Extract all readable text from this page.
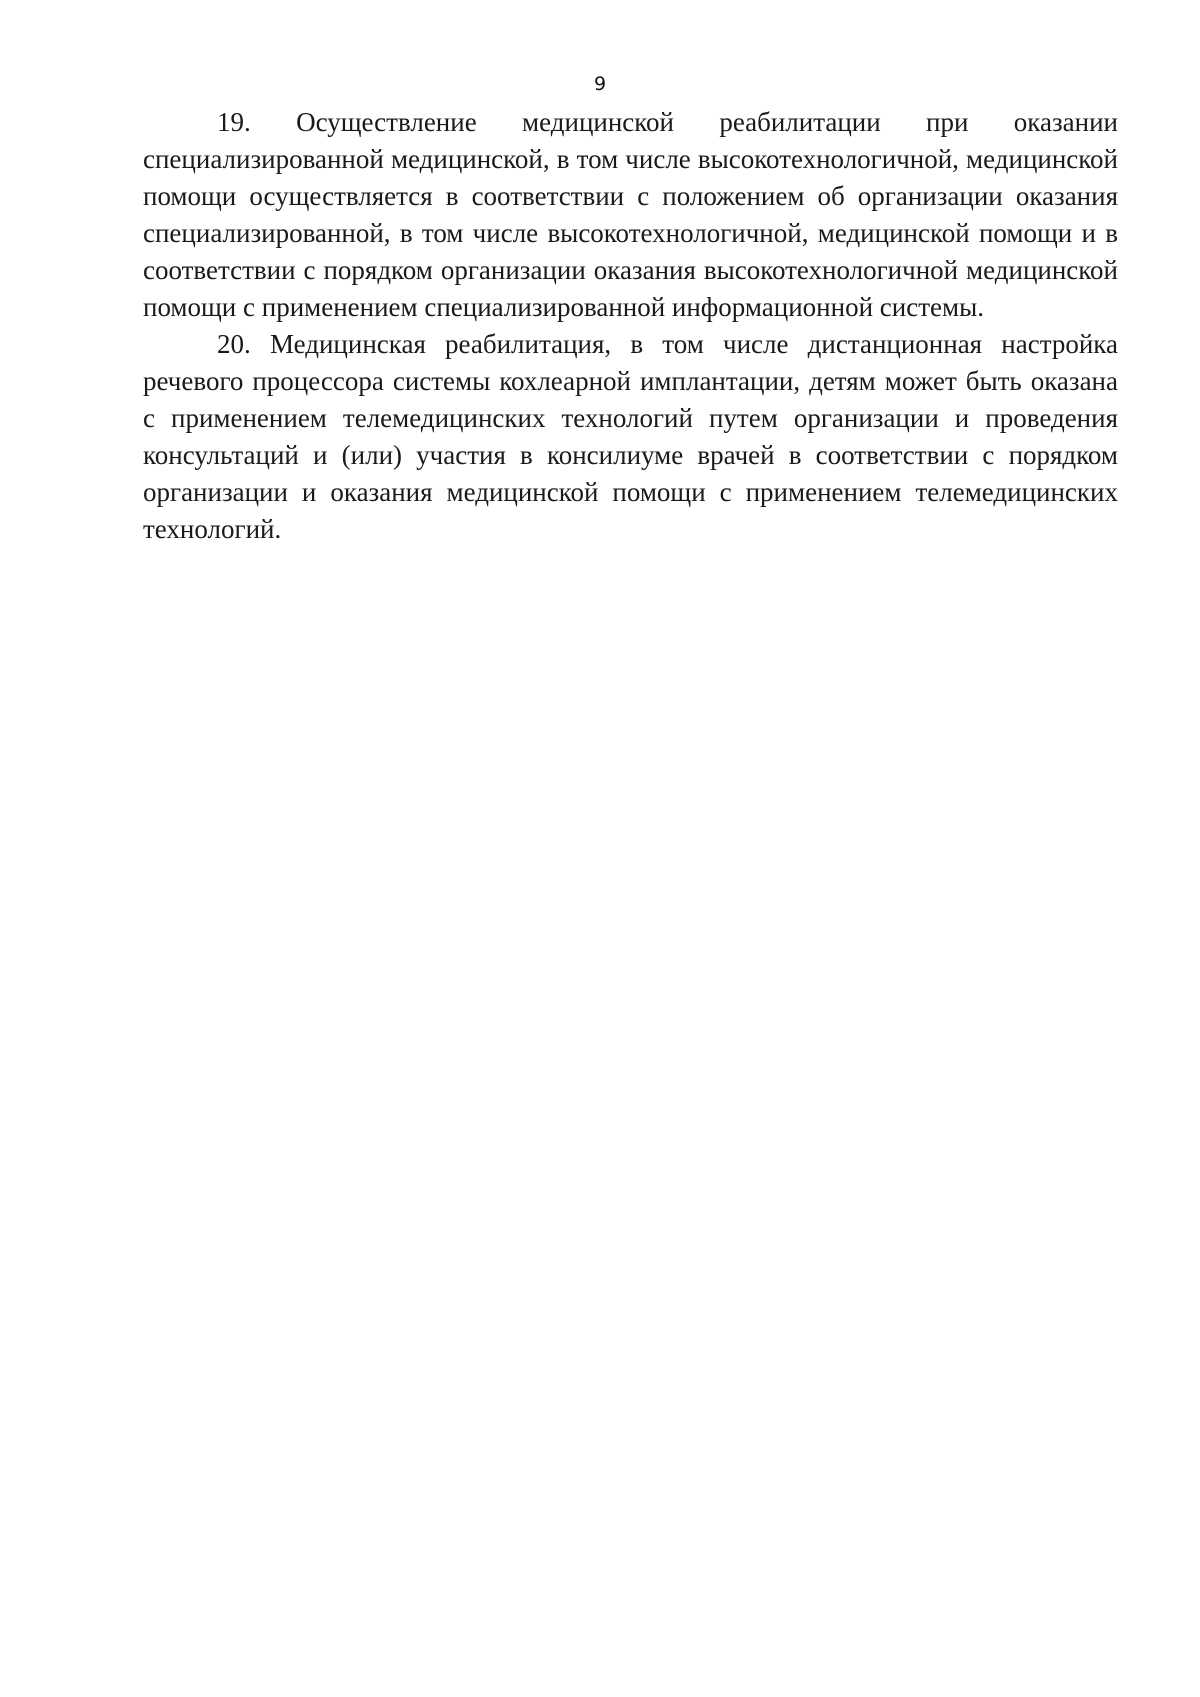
9

19. Осуществление медицинской реабилитации при оказании специализированной медицинской, в том числе высокотехнологичной, медицинской помощи осуществляется в соответствии с положением об организации оказания специализированной, в том числе высокотехнологичной, медицинской помощи и в соответствии с порядком организации оказания высокотехнологичной медицинской помощи с применением специализированной информационной системы.

20. Медицинская реабилитация, в том числе дистанционная настройка речевого процессора системы кохлеарной имплантации, детям может быть оказана с применением телемедицинских технологий путем организации и проведения консультаций и (или) участия в консилиуме врачей в соответствии с порядком организации и оказания медицинской помощи с применением телемедицинских технологий.
